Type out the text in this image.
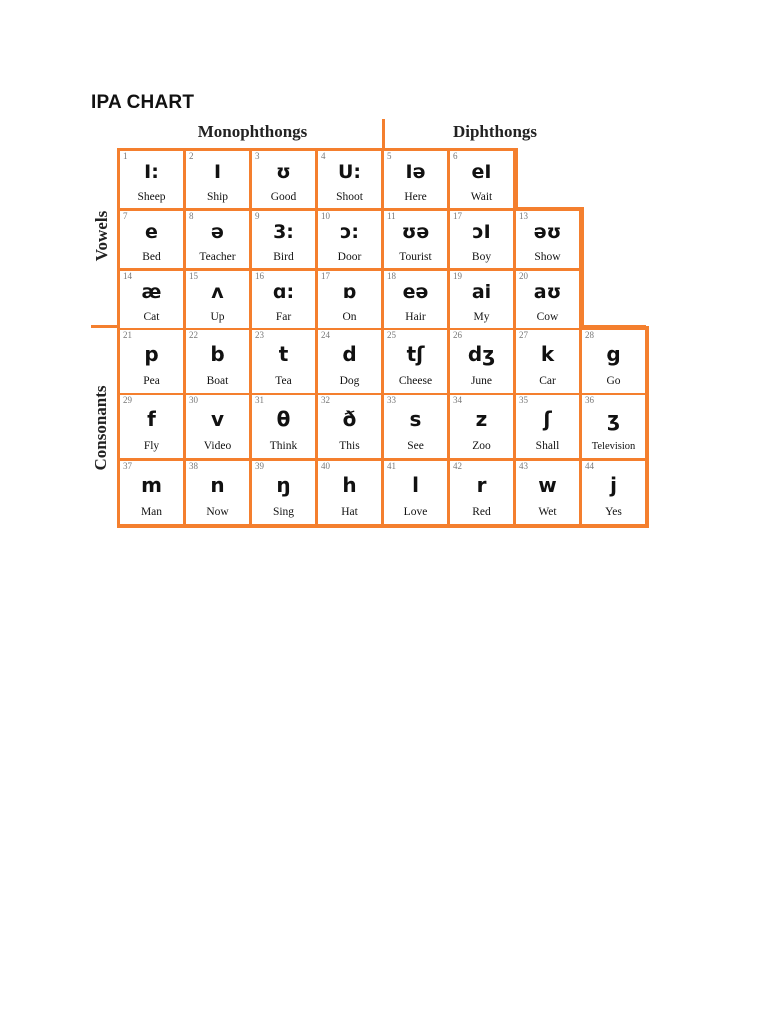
IPA CHART
Monophthongs	Diphthongs
Vowels
Consonants
1
I:
Sheep
2
I
Ship
3
ʊ
Good
4
U:
Shoot
5
Iə
Here
6
eI
Wait
7
e
Bed
8
ə
Teacher
9
3:
Bird
10
ɔ:
Door
11
ʊə
Tourist
17
ɔI
Boy
13
əʊ
Show
14
æ
Cat
15
ʌ
Up
16
ɑ:
Far
17
ɒ
On
18
eə
Hair
19
ai
My
20
aʊ
Cow
21
p
Pea
22
b
Boat
23
t
Tea
24
d
Dog
25
tʃ
Cheese
26
dʒ
June
27
k
Car
28
g
Go
29
f
Fly
30
v
Video
31
θ
Think
32
ð
This
33
s
See
34
z
Zoo
35
ʃ
Shall
36
ʒ
Television
37
m
Man
38
n
Now
39
ŋ
Sing
40
h
Hat
41
l
Love
42
r
Red
43
w
Wet
44
j
Yes
